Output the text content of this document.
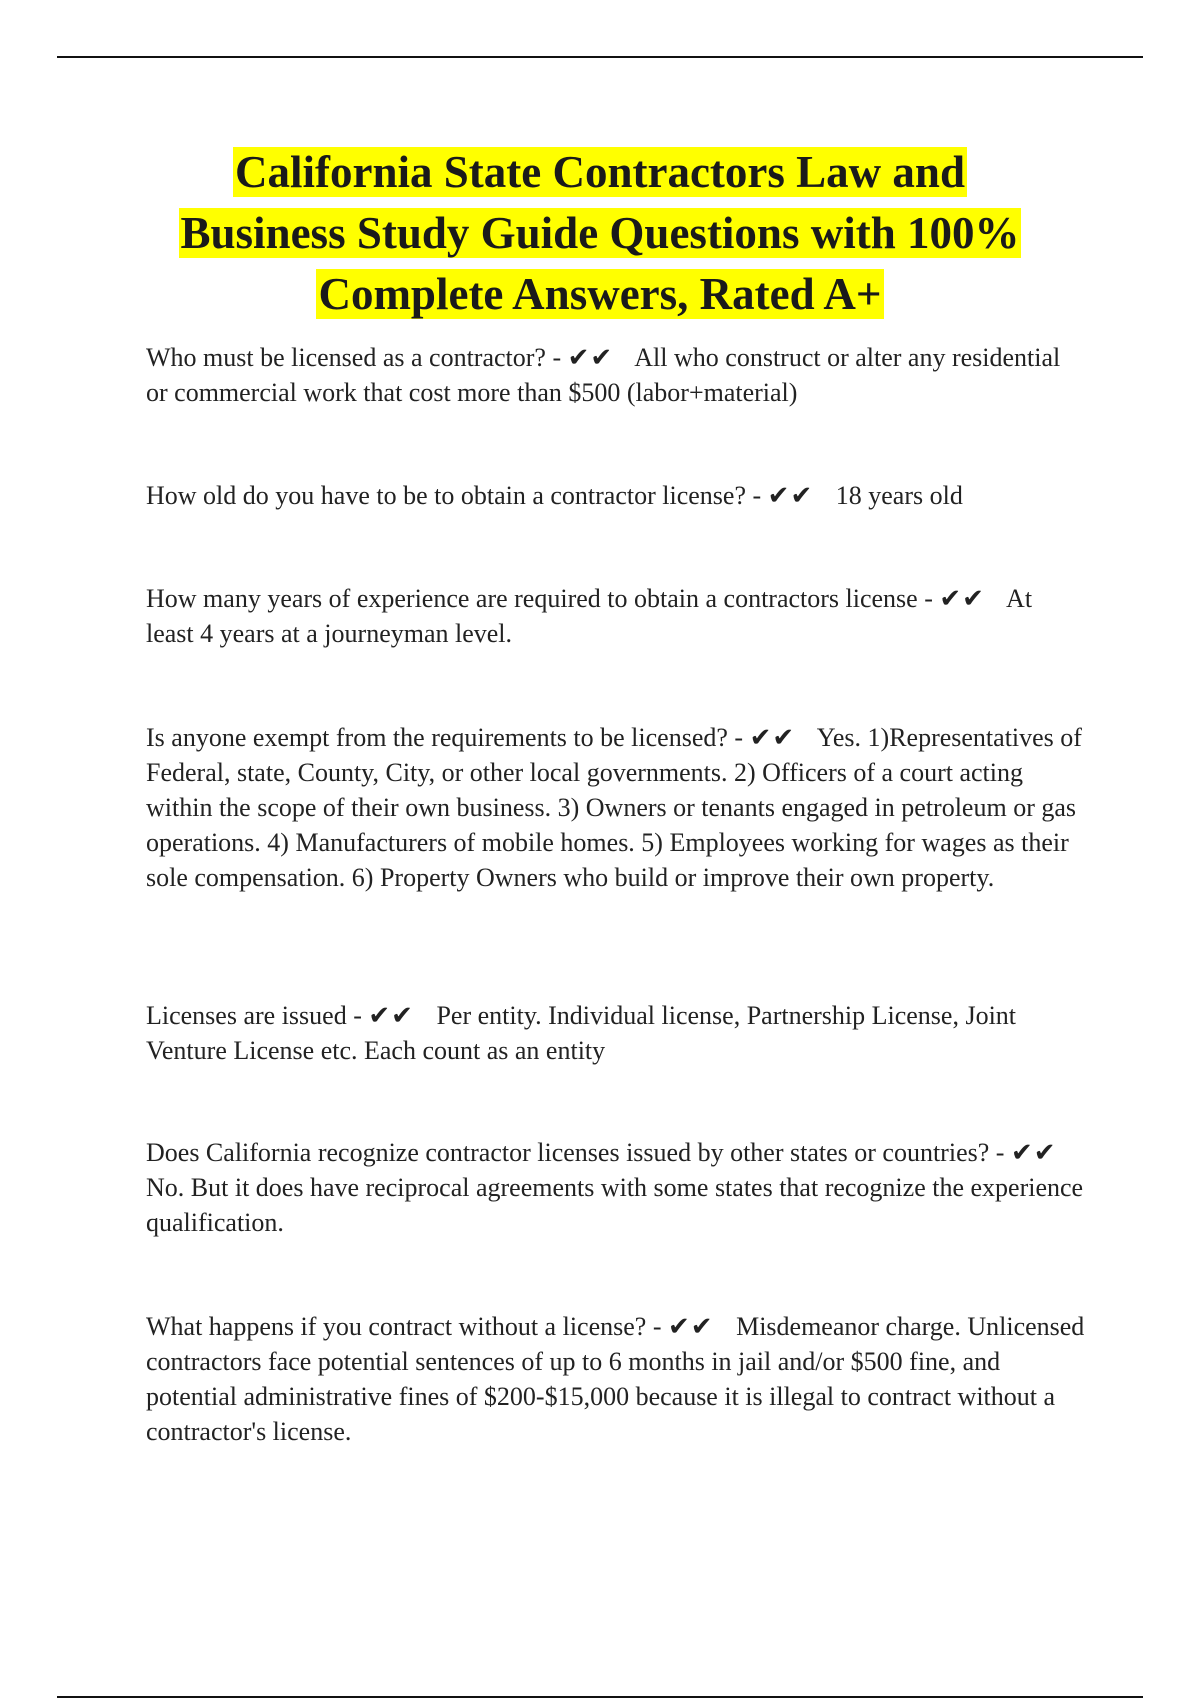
California State Contractors Law and
Business Study Guide Questions with 100%
Complete Answers, Rated A+

Who must be licensed as a contractor? - ✔✔ All who construct or alter any residential or commercial work that cost more than $500 (labor+material)

How old do you have to be to obtain a contractor license? - ✔✔ 18 years old

How many years of experience are required to obtain a contractors license - ✔✔ At least 4 years at a journeyman level.

Is anyone exempt from the requirements to be licensed? - ✔✔ Yes. 1)Representatives of Federal, state, County, City, or other local governments. 2) Officers of a court acting within the scope of their own business. 3) Owners or tenants engaged in petroleum or gas operations. 4) Manufacturers of mobile homes. 5) Employees working for wages as their sole compensation. 6) Property Owners who build or improve their own property.

Licenses are issued - ✔✔ Per entity. Individual license, Partnership License, Joint Venture License etc. Each count as an entity

Does California recognize contractor licenses issued by other states or countries? - ✔✔ No. But it does have reciprocal agreements with some states that recognize the experience qualification.

What happens if you contract without a license? - ✔✔ Misdemeanor charge. Unlicensed contractors face potential sentences of up to 6 months in jail and/or $500 fine, and potential administrative fines of $200-$15,000 because it is illegal to contract without a contractor's license.
